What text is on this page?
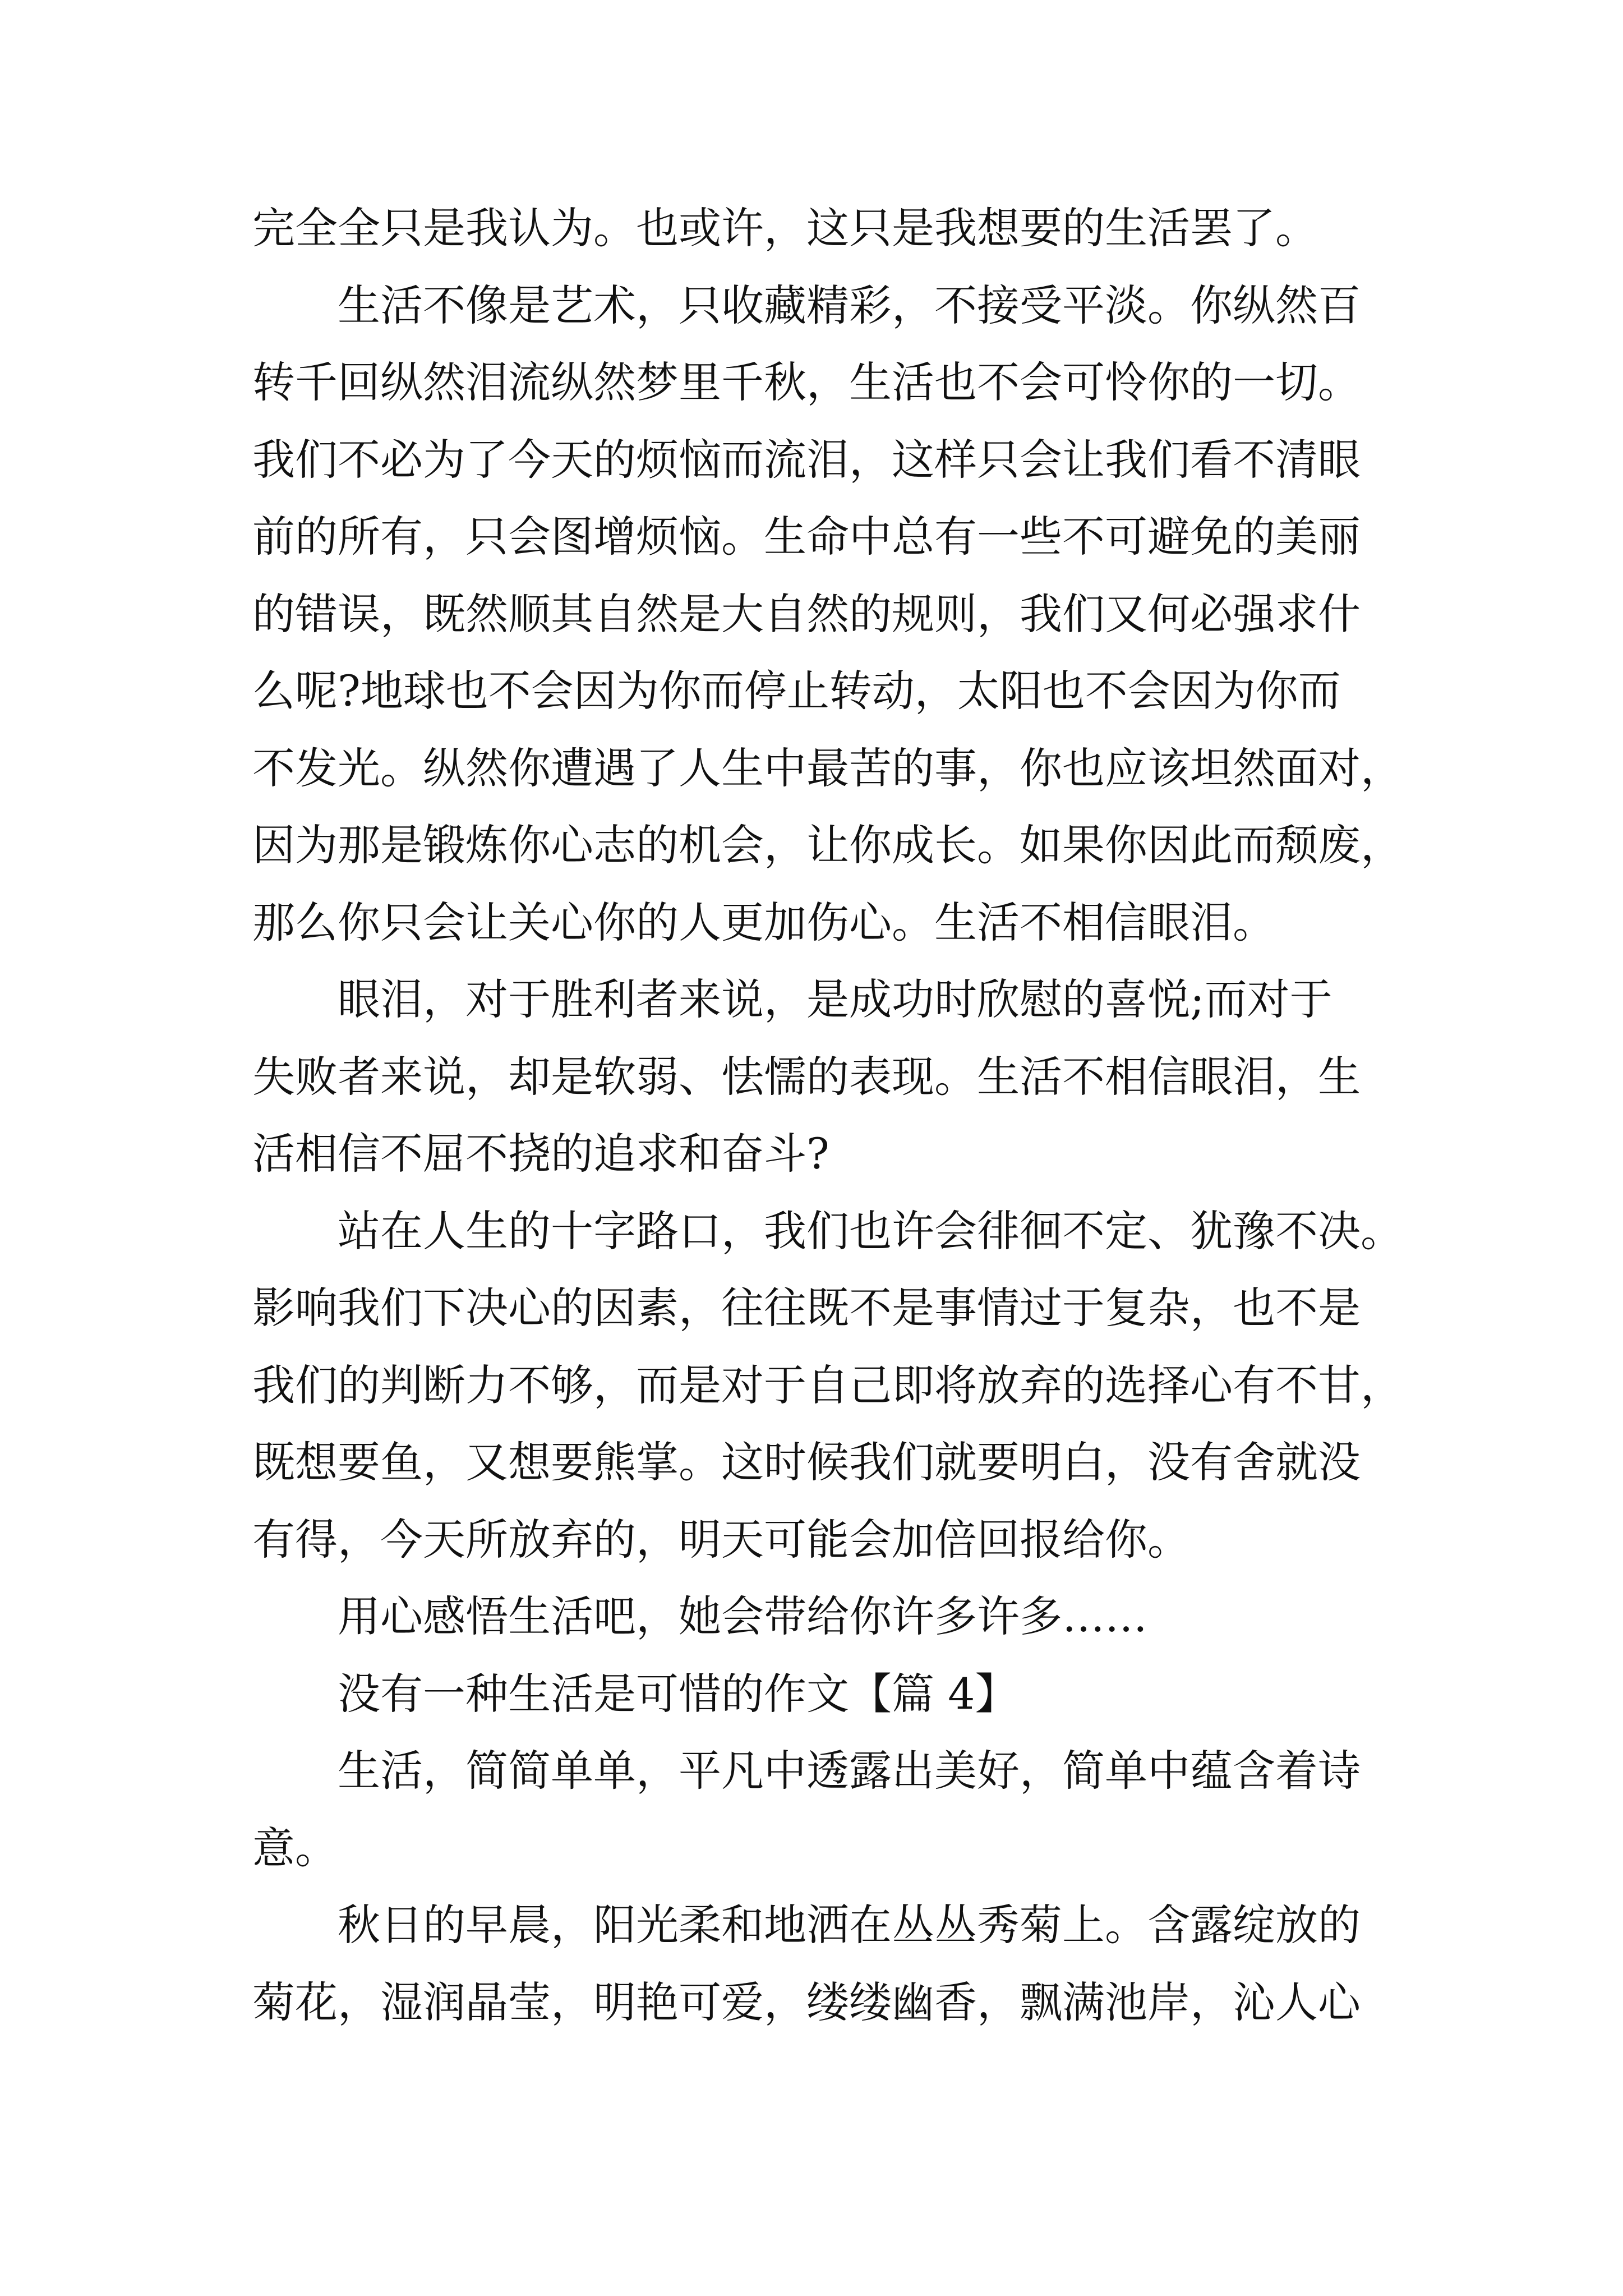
完全全只是我认为。也或许，这只是我想要的生活罢了。
生活不像是艺术，只收藏精彩，不接受平淡。你纵然百
转千回纵然泪流纵然梦里千秋，生活也不会可怜你的一切。
我们不必为了今天的烦恼而流泪，这样只会让我们看不清眼
前的所有，只会图增烦恼。生命中总有一些不可避免的美丽
的错误，既然顺其自然是大自然的规则，我们又何必强求什
么呢?地球也不会因为你而停止转动，太阳也不会因为你而
不发光。纵然你遭遇了人生中最苦的事，你也应该坦然面对，
因为那是锻炼你心志的机会，让你成长。如果你因此而颓废，
那么你只会让关心你的人更加伤心。生活不相信眼泪。
眼泪，对于胜利者来说，是成功时欣慰的喜悦;而对于
失败者来说，却是软弱、怯懦的表现。生活不相信眼泪，生
活相信不屈不挠的追求和奋斗?
站在人生的十字路口，我们也许会徘徊不定、犹豫不决。
影响我们下决心的因素，往往既不是事情过于复杂，也不是
我们的判断力不够，而是对于自己即将放弃的选择心有不甘，
既想要鱼，又想要熊掌。这时候我们就要明白，没有舍就没
有得，今天所放弃的，明天可能会加倍回报给你。
用心感悟生活吧，她会带给你许多许多……
没有一种生活是可惜的作文【篇 4】
生活，简简单单，平凡中透露出美好，简单中蕴含着诗
意。
秋日的早晨，阳光柔和地洒在丛丛秀菊上。含露绽放的
菊花，湿润晶莹，明艳可爱，缕缕幽香，飘满池岸，沁人心
